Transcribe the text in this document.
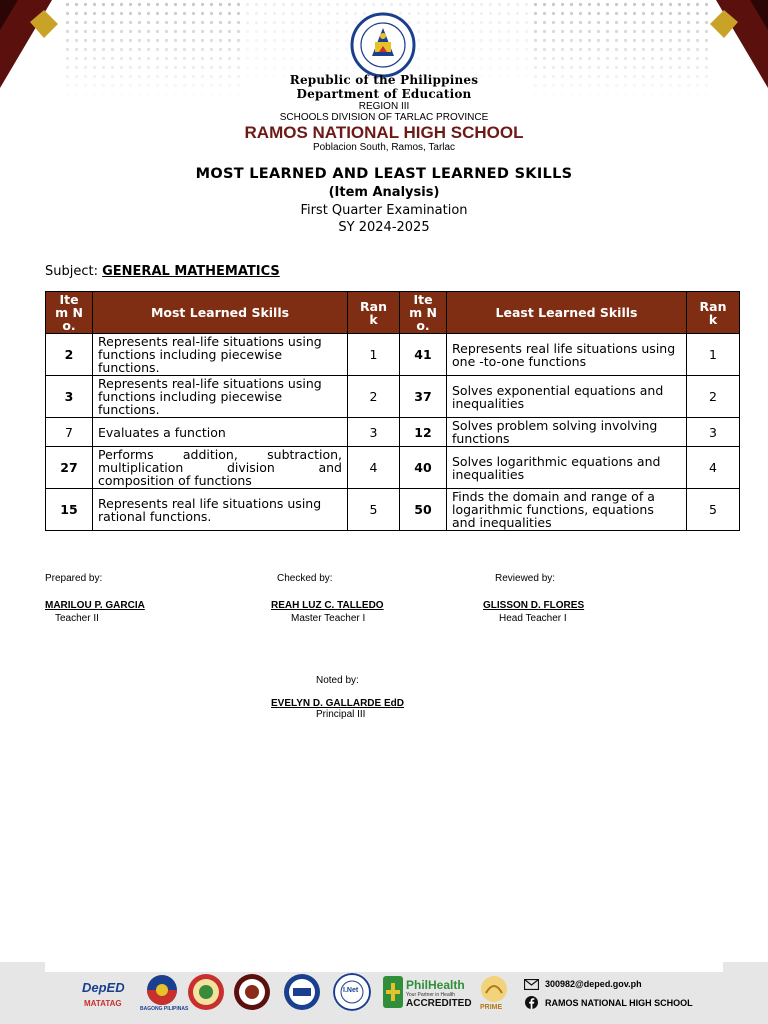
Republic of the Philippines
Department of Education
REGION III
SCHOOLS DIVISION OF TARLAC PROVINCE
RAMOS NATIONAL HIGH SCHOOL
Poblacion South, Ramos, Tarlac
MOST LEARNED AND LEAST LEARNED SKILLS
(Item Analysis)
First Quarter Examination
SY 2024-2025
Subject: GENERAL MATHEMATICS
Item No.	Most Learned Skills	Rank	Item No.	Least Learned Skills	Rank

2	Represents real-life situations using functions including piecewise functions.	1	41	Represents real life situations using one -to-one functions	1
3	Represents real-life situations using functions including piecewise functions.	2	37	Solves exponential equations and inequalities	2
7	Evaluates a function	3	12	Solves problem solving involving functions	3
27	Performs addition, subtraction, multiplication division and composition of functions	4	40	Solves logarithmic equations and inequalities	4
15	Represents real life situations using rational functions.	5	50	Finds the domain and range of a logarithmic functions, equations and inequalities	5
Prepared by:	Checked by:	Reviewed by:
MARILOU P. GARCIA
Teacher II
REAH LUZ C. TALLEDO
Master Teacher I
GLISSON D. FLORES
Head Teacher I
Noted by:
EVELYN D. GALLARDE EdD
Principal III
DepED
MATATAG
BAGONG PILIPINAS
I.Net	PhilHealth
Your Partner in Health
ACCREDITED PRIME
300982@deped.gov.ph
RAMOS NATIONAL HIGH SCHOOL
